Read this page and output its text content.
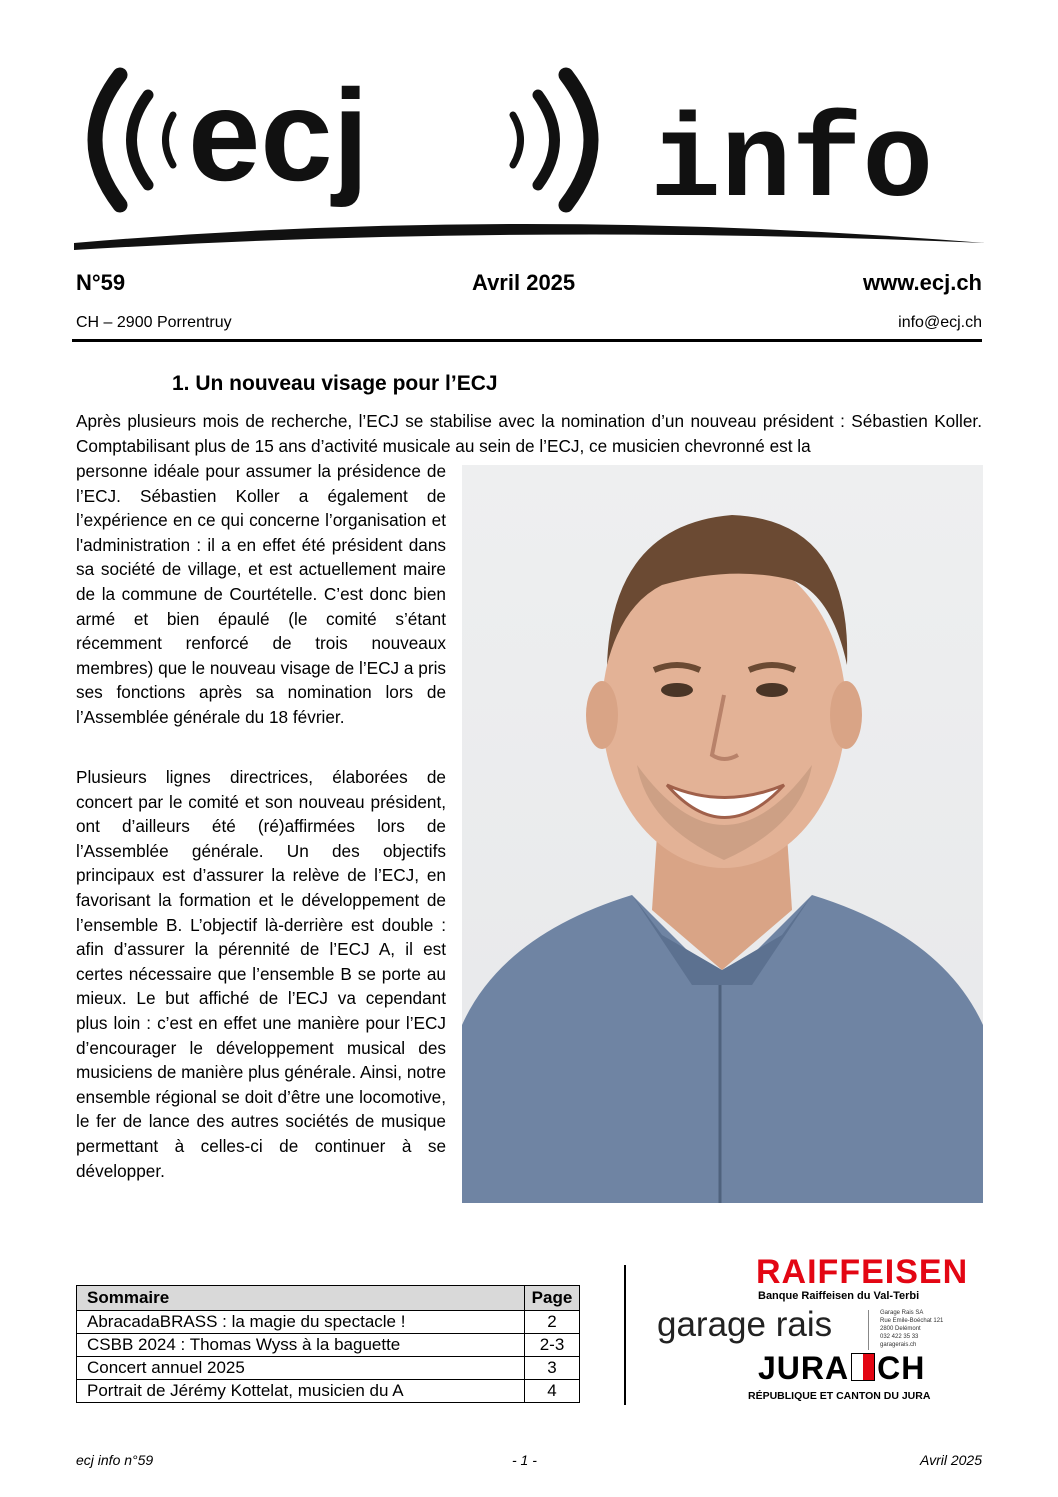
ecj info
N°59	Avril 2025	www.ecj.ch
CH – 2900 Porrentruy	info@ecj.ch
1. Un nouveau visage pour l’ECJ

Après plusieurs mois de recherche, l’ECJ se stabilise avec la nomination d’un nouveau président : Sébastien Koller. Comptabilisant plus de 15 ans d’activité musicale au sein de l’ECJ, ce musicien chevronné est la

personne idéale pour assumer la présidence de l’ECJ. Sébastien Koller a également de l’expérience en ce qui concerne l’organisation et l'administration : il a en effet été président dans sa société de village, et est actuellement maire de la commune de Courtételle. C’est donc bien armé et bien épaulé (le comité s’étant récemment renforcé de trois nouveaux membres) que le nouveau visage de l’ECJ a pris ses fonctions après sa nomination lors de l’Assemblée générale du 18 février.

Plusieurs lignes directrices, élaborées de concert par le comité et son nouveau président, ont d’ailleurs été (ré)affirmées lors de l’Assemblée générale. Un des objectifs principaux est d’assurer la relève de l’ECJ, en favorisant la formation et le développement de l’ensemble B. L’objectif là-derrière est double : afin d’assurer la pérennité de l’ECJ A, il est certes nécessaire que l’ensemble B se porte au mieux. Le but affiché de l’ECJ va cependant plus loin : c’est en effet une manière pour l’ECJ d’encourager le développement musical des musiciens de manière plus générale. Ainsi, notre ensemble régional se doit d’être une locomotive, le fer de lance des autres sociétés de musique permettant à celles-ci de continuer à se développer.

Sommaire	Page
AbracadaBRASS : la magie du spectacle !	2
CSBB 2024 : Thomas Wyss à la baguette	2-3
Concert annuel 2025	3
Portrait de Jérémy Kottelat, musicien du A	4
RAIFFEISEN
Banque Raiffeisen du Val-Terbi
garage rais	Garage Rais SA
Rue Emile-Boéchat 121
2800 Delémont
032 422 35 33
garagerais.ch
JURA CH
RÉPUBLIQUE ET CANTON DU JURA
ecj info n°59	- 1 -	Avril 2025
